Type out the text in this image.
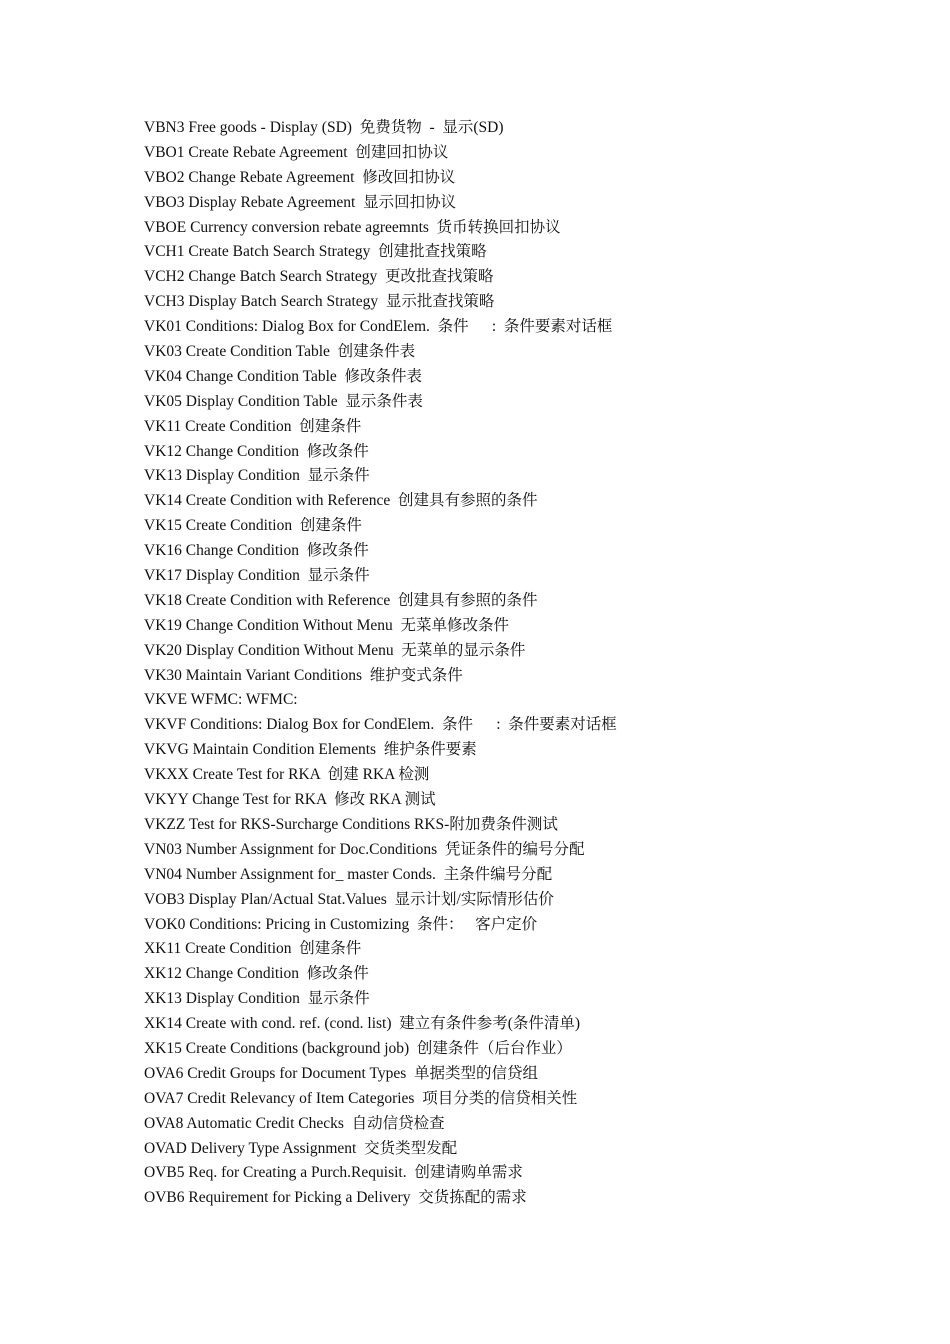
VBN3 Free goods - Display (SD)  免费货物  -  显示(SD)
VBO1 Create Rebate Agreement  创建回扣协议
VBO2 Change Rebate Agreement  修改回扣协议
VBO3 Display Rebate Agreement  显示回扣协议
VBOE Currency conversion rebate agreemnts  货币转换回扣协议
VCH1 Create Batch Search Strategy  创建批查找策略
VCH2 Change Batch Search Strategy  更改批查找策略
VCH3 Display Batch Search Strategy  显示批查找策略
VK01 Conditions: Dialog Box for CondElem.  条件      :  条件要素对话框
VK03 Create Condition Table  创建条件表
VK04 Change Condition Table  修改条件表
VK05 Display Condition Table  显示条件表
VK11 Create Condition  创建条件
VK12 Change Condition  修改条件
VK13 Display Condition  显示条件
VK14 Create Condition with Reference  创建具有参照的条件
VK15 Create Condition  创建条件
VK16 Change Condition  修改条件
VK17 Display Condition  显示条件
VK18 Create Condition with Reference  创建具有参照的条件
VK19 Change Condition Without Menu  无菜单修改条件
VK20 Display Condition Without Menu  无菜单的显示条件
VK30 Maintain Variant Conditions  维护变式条件
VKVE WFMC: WFMC:
VKVF Conditions: Dialog Box for CondElem.  条件      :  条件要素对话框
VKVG Maintain Condition Elements  维护条件要素
VKXX Create Test for RKA  创建 RKA 检测
VKYY Change Test for RKA  修改 RKA 测试
VKZZ Test for RKS-Surcharge Conditions RKS-附加费条件测试
VN03 Number Assignment for Doc.Conditions  凭证条件的编号分配
VN04 Number Assignment for_ master Conds.  主条件编号分配
VOB3 Display Plan/Actual Stat.Values  显示计划/实际情形估价
VOK0 Conditions: Pricing in Customizing  条件：   客户定价
XK11 Create Condition  创建条件
XK12 Change Condition  修改条件
XK13 Display Condition  显示条件
XK14 Create with cond. ref. (cond. list)  建立有条件参考(条件清单)
XK15 Create Conditions (background job)  创建条件（后台作业）
OVA6 Credit Groups for Document Types  单据类型的信贷组
OVA7 Credit Relevancy of Item Categories  项目分类的信贷相关性
OVA8 Automatic Credit Checks  自动信贷检查
OVAD Delivery Type Assignment  交货类型发配
OVB5 Req. for Creating a Purch.Requisit.  创建请购单需求
OVB6 Requirement for Picking a Delivery  交货拣配的需求
